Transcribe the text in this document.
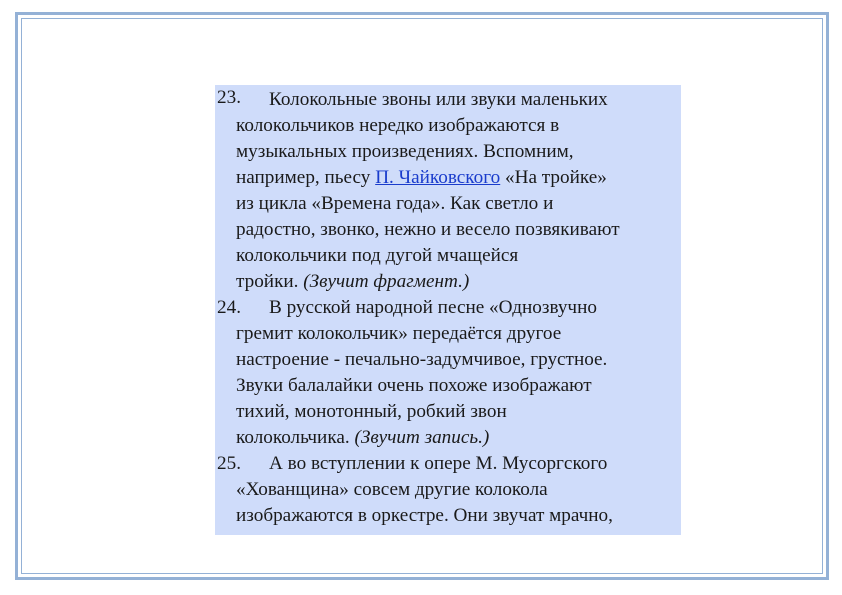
23.	Колокольные звоны или звуки маленьких
колокольчиков нередко изображаются в
музыкальных произведениях. Вспомним,
например, пьесу П. Чайковского «На тройке»
из цикла «Времена года». Как светло и
радостно, звонко, нежно и весело позвякивают
колокольчики под дугой мчащейся
тройки. (Звучит фрагмент.)
24.	В русской народной песне «Однозвучно
гремит колокольчик» передаётся другое
настроение - печально-задумчивое, грустное.
Звуки балалайки очень похоже изображают
тихий, монотонный, робкий звон
колокольчика. (Звучит запись.)
25.	А во вступлении к опере М. Мусоргского
«Хованщина» совсем другие колокола
изображаются в оркестре. Они звучат мрачно,
